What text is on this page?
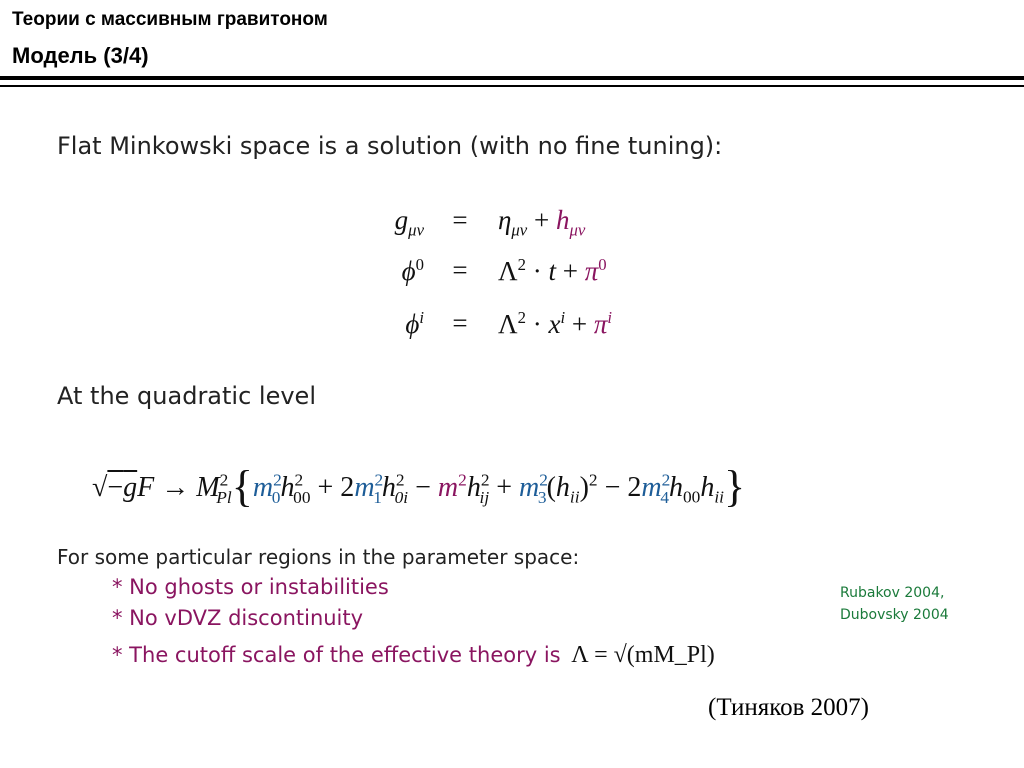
Теории с массивным гравитоном
Модель (3/4)
Flat Minkowski space is a solution (with no fine tuning):
$g_{\mu\nu}$	=	$\eta_{\mu\nu} + h_{\mu\nu}$
$\phi^0$	=	$\Lambda^2 \cdot t + \pi^0$
$\phi^i$	=	$\Lambda^2 \cdot x^i + \pi^i$
At the quadratic level
$√-gF \to M^2_{Pl}\{m^2_0h^2_{00} + 2m^2_1h^2_{0i} - m^2h^2_{ij} + m^2_3(h_{ii})^2 - 2m^2_4h_{00}h_{ii}\}$
For some particular regions in the parameter space:
* No ghosts or instabilities
* No vDVZ discontinuity
* The cutoff scale of the effective theory is Λ = √(mM_Pl)
Rubakov 2004,
Dubovsky 2004
(Тиняков 2007)
